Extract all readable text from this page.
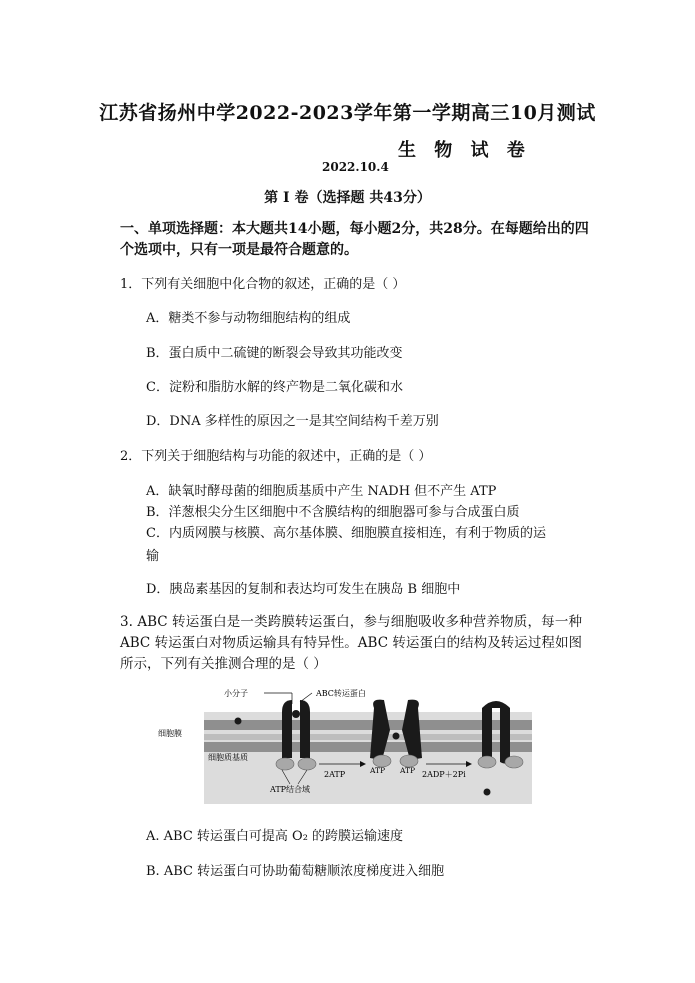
江苏省扬州中学2022-2023学年第一学期高三10月测试
生 物 试 卷
2022.10.4
第 I 卷（选择题 共43分）
一、单项选择题：本大题共14小题，每小题2分，共28分。在每题给出的四个选项中，只有一项是最符合题意的。
1．下列有关细胞中化合物的叙述，正确的是（ ）
A．糖类不参与动物细胞结构的组成
B．蛋白质中二硫键的断裂会导致其功能改变
C．淀粉和脂肪水解的终产物是二氧化碳和水
D．DNA 多样性的原因之一是其空间结构千差万别
2．下列关于细胞结构与功能的叙述中，正确的是（ ）
A．缺氧时酵母菌的细胞质基质中产生 NADH 但不产生 ATP
B．洋葱根尖分生区细胞中不含膜结构的细胞器可参与合成蛋白质
C．内质网膜与核膜、高尔基体膜、细胞膜直接相连，有利于物质的运
输
D．胰岛素基因的复制和表达均可发生在胰岛 B 细胞中
3. ABC 转运蛋白是一类跨膜转运蛋白，参与细胞吸收多种营养物质，每一种 ABC 转运蛋白对物质运输具有特异性。ABC 转运蛋白的结构及转运过程如图所示，下列有关推测合理的是（ ）
小分子	ABC转运蛋白
细胞膜
细胞质基质
2ATP	ATP ATP 2ADP＋2Pi
ATP结合域
A. ABC 转运蛋白可提高 O₂ 的跨膜运输速度
B. ABC 转运蛋白可协助葡萄糖顺浓度梯度进入细胞
